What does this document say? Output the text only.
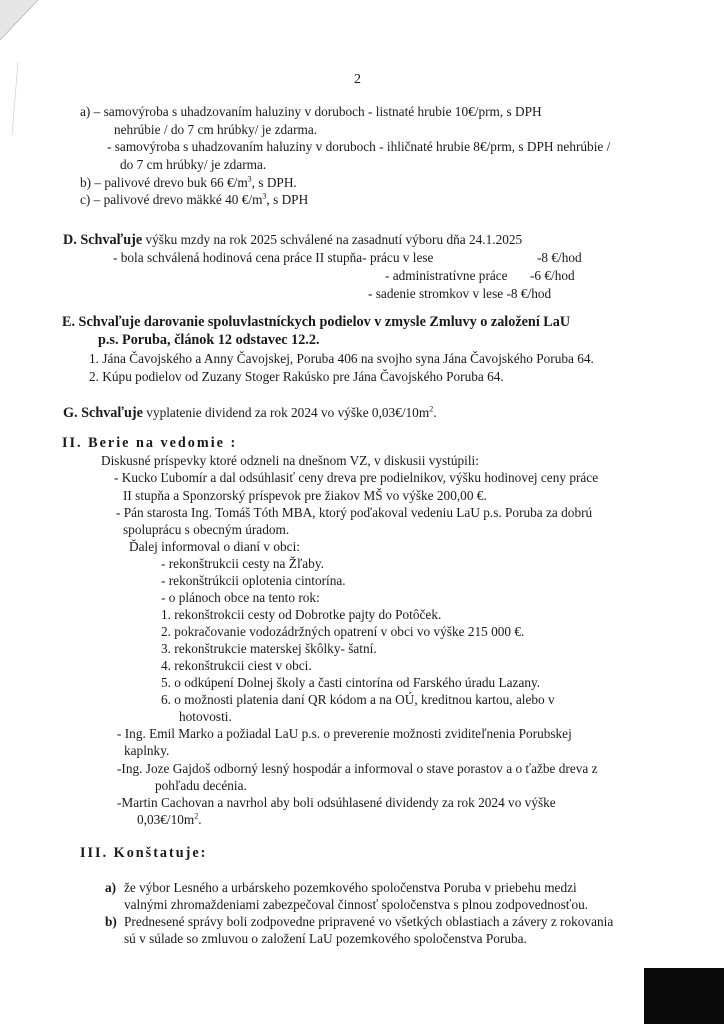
2
a) – samovýroba s uhadzovaním haluziny v doruboch - listnaté hrubie 10€/prm, s DPH
nehrúbie / do 7 cm hrúbky/ je zdarma.
- samovýroba s uhadzovaním haluziny v doruboch - ihličnaté hrubie 8€/prm, s DPH nehrúbie /
do 7 cm hrúbky/ je zdarma.
b) – palivové drevo buk 66 $€/m^3$, s DPH.
c) – palivové drevo mäkké 40 $€/m^3$, s DPH
D. Schvaľuje výšku mzdy na rok 2025 schválené na zasadnutí výboru dňa 24.1.2025
- bola schválená hodinová cena práce II stupňa- prácu v lese	-8 €/hod
- administratívne práce -6 €/hod
- sadenie stromkov v lese -8 €/hod
E. Schvaľuje darovanie spoluvlastníckych podielov v zmysle Zmluvy o založení LaU
p.s. Poruba, článok 12 odstavec 12.2.
1. Jána Čavojského a Anny Čavojskej, Poruba 406 na svojho syna Jána Čavojského Poruba 64.
2. Kúpu podielov od Zuzany Stoger Rakúsko pre Jána Čavojského Poruba 64.
G. Schvaľuje vyplatenie dividend za rok 2024 vo výške $0,03€/10m^2$.
II. Berie na vedomie :
Diskusné príspevky ktoré odzneli na dnešnom VZ, v diskusii vystúpili:
- Kucko Ľubomír a dal odsúhlasiť ceny dreva pre podielnikov, výšku hodinovej ceny práce
II stupňa a Sponzorský príspevok pre žiakov MŠ vo výške 200,00 €.
- Pán starosta Ing. Tomáš Tóth MBA, ktorý poďakoval vedeniu LaU p.s. Poruba za dobrú
spoluprácu s obecným úradom.
Ďalej informoval o dianí v obci:
- rekonštrukcii cesty na Žľaby.
- rekonštrúkcii oplotenia cintorína.
- o plánoch obce na tento rok:
1. rekonštrokcii cesty od Dobrotke pajty do Potôček.
2. pokračovanie vodozádržných opatrení v obci vo výške 215 000 €.
3. rekonštrukcie materskej škôlky- šatní.
4. rekonštrukcii ciest v obci.
5. o odkúpení Dolnej školy a časti cintorína od Farského úradu Lazany.
6. o možnosti platenia daní QR kódom a na OÚ, kreditnou kartou, alebo v
hotovosti.
- Ing. Emil Marko a požiadal LaU p.s. o preverenie možnosti zviditeľnenia Porubskej
kaplnky.
-Ing. Joze Gajdoš odborný lesný hospodár a informoval o stave porastov a o ťažbe dreva z
pohľadu decénia.
-Martin Cachovan a navrhol aby boli odsúhlasené dividendy za rok 2024 vo výške
$0,03€/10m^2$.
III. Konštatuje:
a) že výbor Lesného a urbárskeho pozemkového spoločenstva Poruba v priebehu medzi
valnými zhromaždeniami zabezpečoval činnosť spoločenstva s plnou zodpovednosťou.
b) Prednesené správy boli zodpovedne pripravené vo všetkých oblastiach a závery z rokovania
sú v súlade so zmluvou o založení LaU pozemkového spoločenstva Poruba.
